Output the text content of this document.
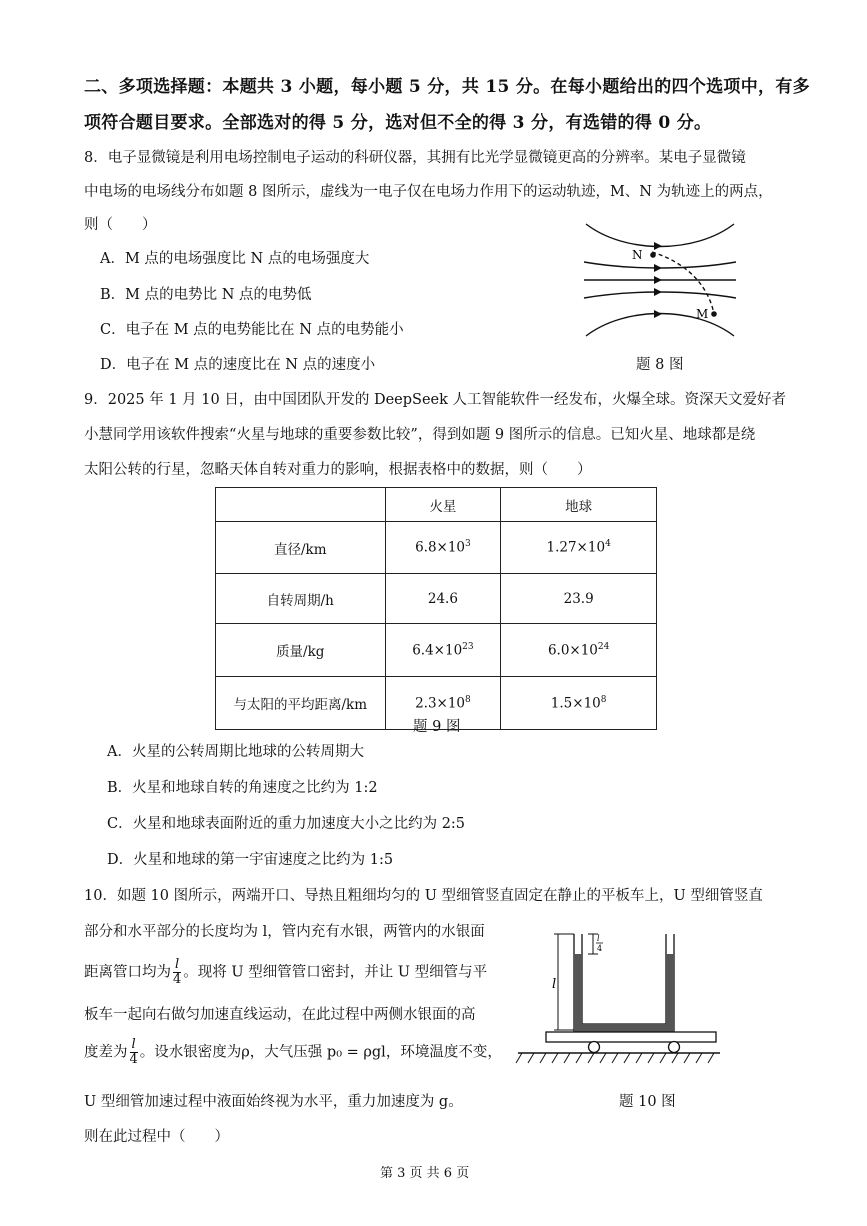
二、多项选择题：本题共 3 小题，每小题 5 分，共 15 分。在每小题给出的四个选项中，有多
项符合题目要求。全部选对的得 5 分，选对但不全的得 3 分，有选错的得 0 分。
8．电子显微镜是利用电场控制电子运动的科研仪器，其拥有比光学显微镜更高的分辨率。某电子显微镜
中电场的电场线分布如题 8 图所示，虚线为一电子仅在电场力作用下的运动轨迹，M、N 为轨迹上的两点，
则（　　）
A．M 点的电场强度比 N 点的电场强度大
B．M 点的电势比 N 点的电势低
C．电子在 M 点的电势能比在 N 点的电势能小
D．电子在 M 点的速度比在 N 点的速度小
N
M
题 8 图
9．2025 年 1 月 10 日，由中国团队开发的 DeepSeek 人工智能软件一经发布，火爆全球。资深天文爱好者
小慧同学用该软件搜索“火星与地球的重要参数比较”，得到如题 9 图所示的信息。已知火星、地球都是绕
太阳公转的行星，忽略天体自转对重力的影响，根据表格中的数据，则（　　）
	火星	地球
直径/km	$6.8\times 10^3$	$1.27\times 10^4$
自转周期/h	24.6	23.9
质量/kg	$6.4\times 10^{23}$	$6.0\times 10^{24}$
与太阳的平均距离/km	$2.3\times 10^8$	$1.5\times 10^8$
题 9 图
A．火星的公转周期比地球的公转周期大
B．火星和地球自转的角速度之比约为 1:2
C．火星和地球表面附近的重力加速度大小之比约为 2:5
D．火星和地球的第一宇宙速度之比约为 1:5
10．如题 10 图所示，两端开口、导热且粗细均匀的 U 型细管竖直固定在静止的平板车上，U 型细管竖直
部分和水平部分的长度均为 l，管内充有水银，两管内的水银面
距离管口均为 $\frac{l}{4}$ 。现将 U 型细管管口密封，并让 U 型细管与平
板车一起向右做匀加速直线运动，在此过程中两侧水银面的高
度差为 $\frac{l}{4}$ 。设水银密度为ρ，大气压强 p₀ = ρgl，环境温度不变，
U 型细管加速过程中液面始终视为水平，重力加速度为 g。
则在此过程中（　　）
l
l
4
题 10 图
第 3 页 共 6 页
